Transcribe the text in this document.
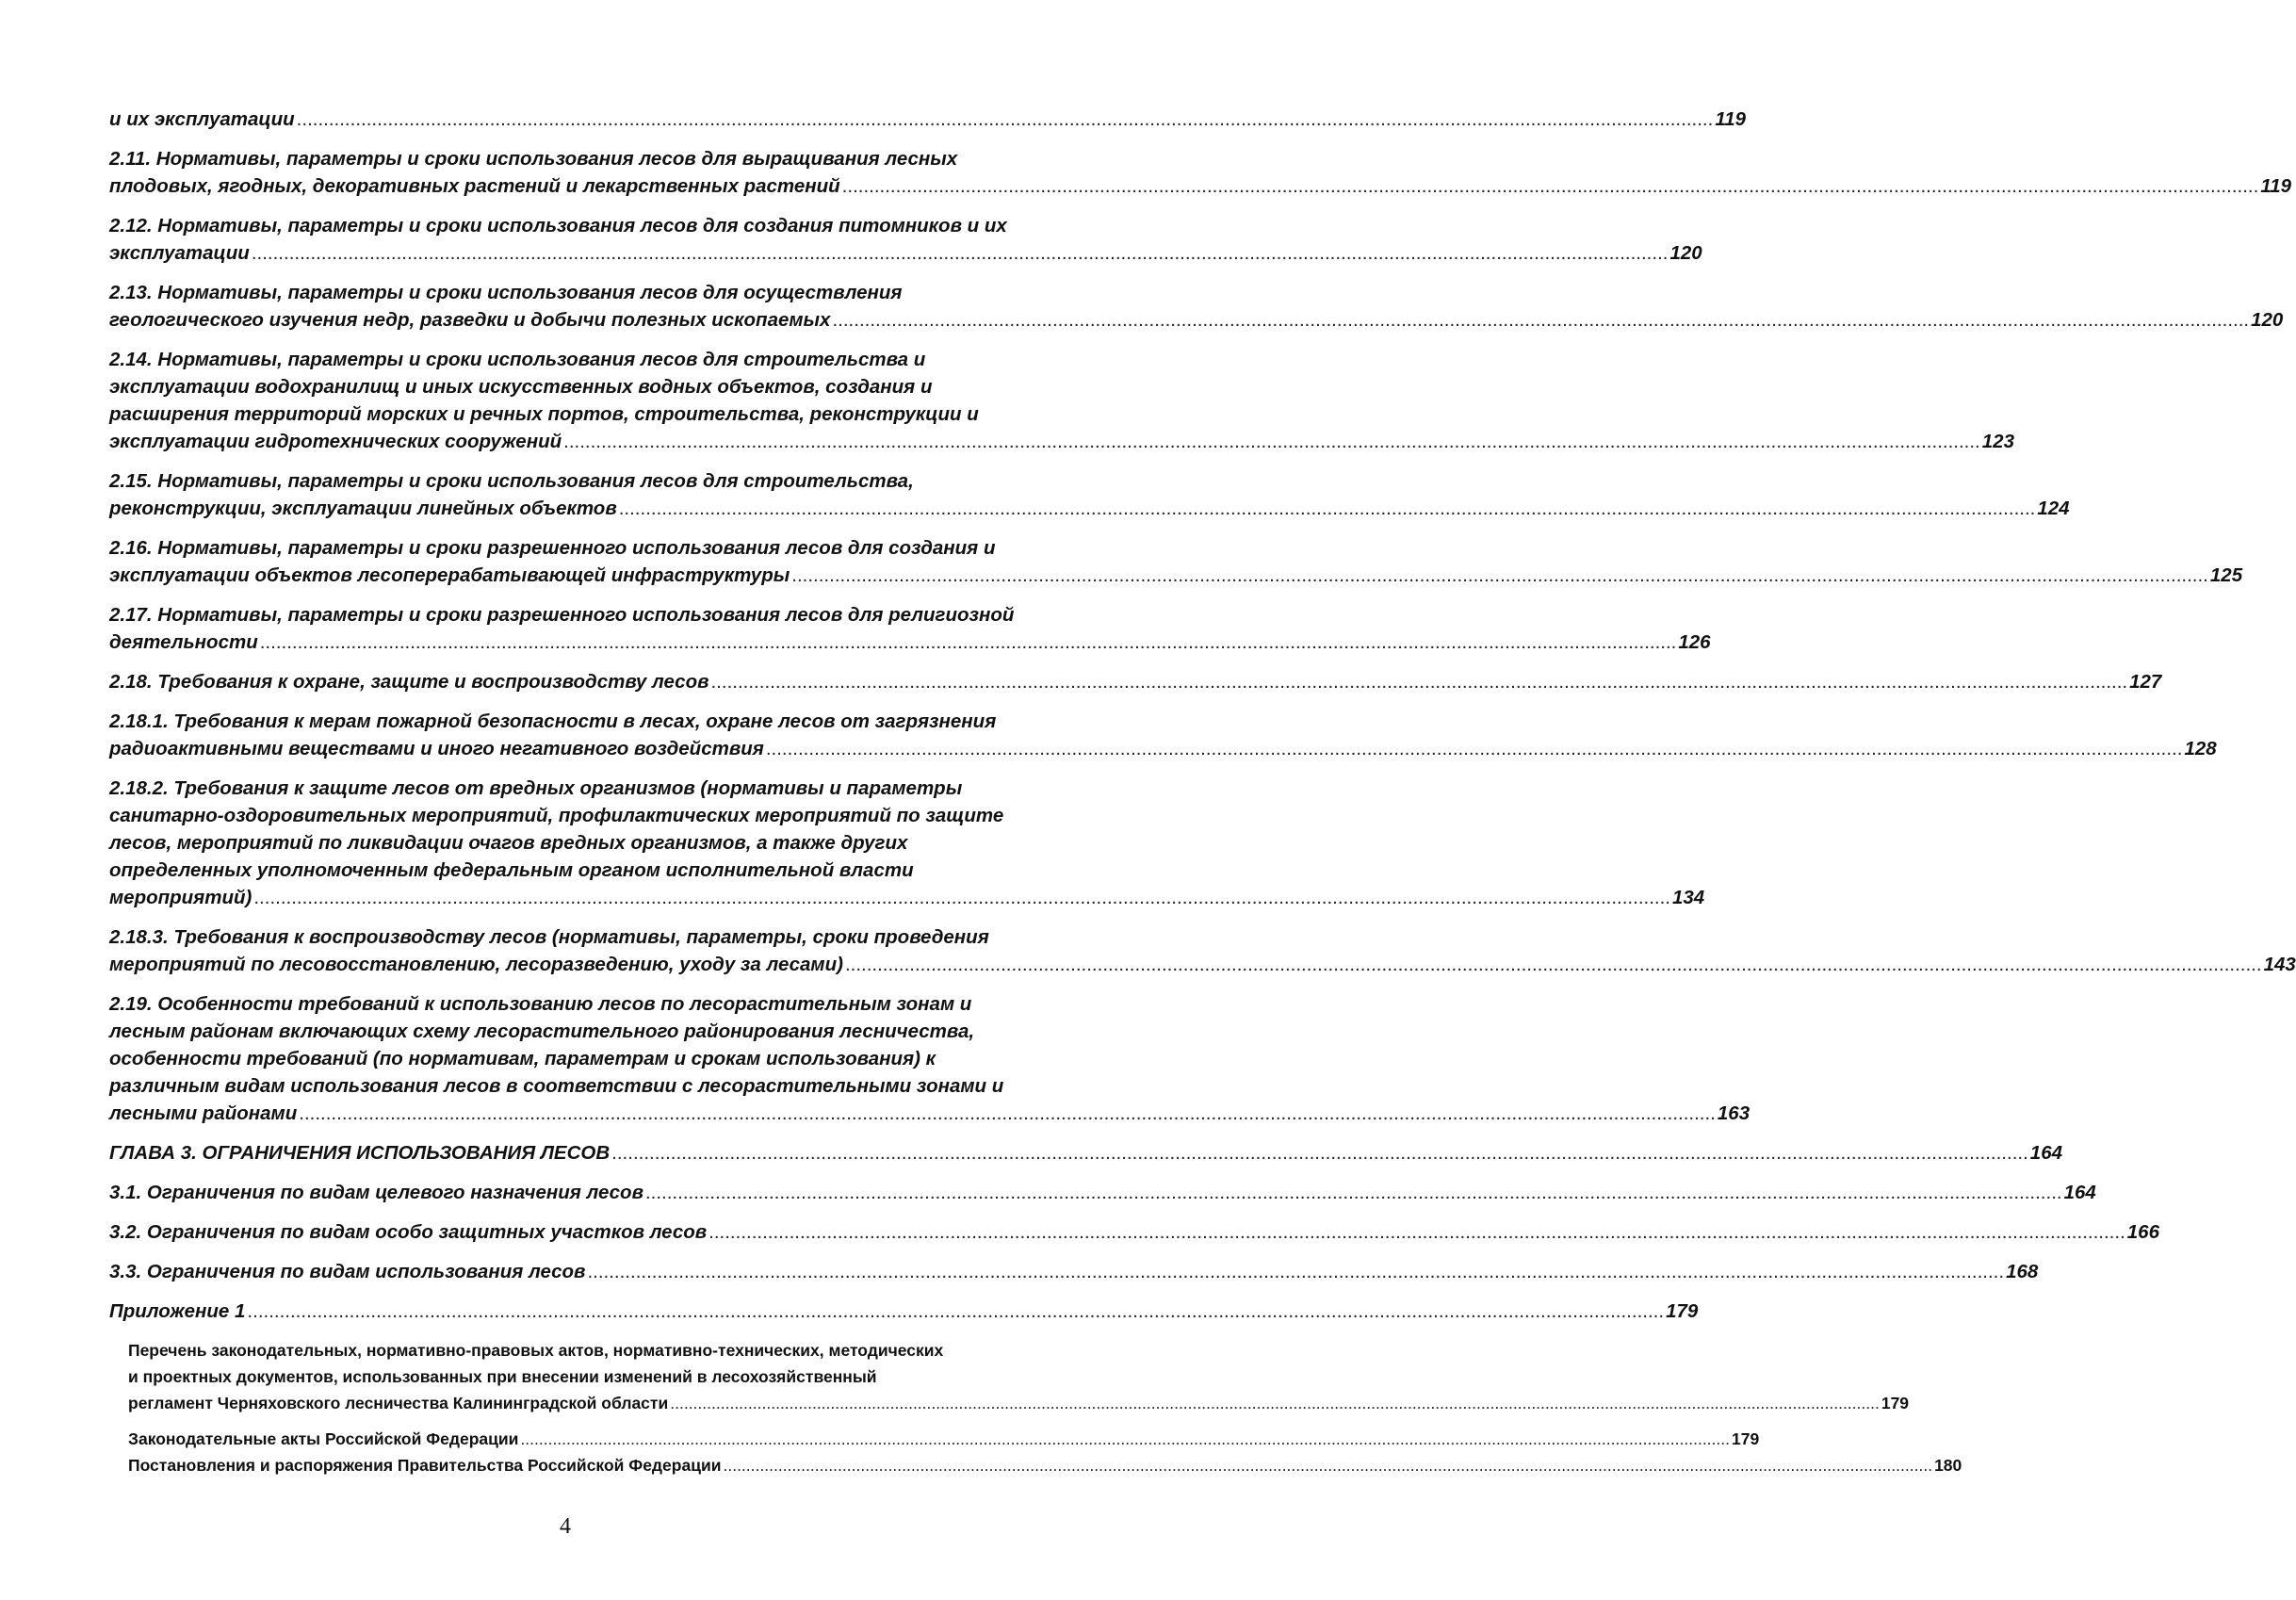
и их эксплуатации .....	119
2.11. Нормативы, параметры и сроки использования лесов для выращивания лесных
плодовых, ягодных, декоративных растений и лекарственных растений .....	119
2.12. Нормативы, параметры и сроки использования лесов для создания питомников и их
эксплуатации .....	120
2.13. Нормативы, параметры и сроки использования лесов для осуществления
геологического изучения недр, разведки и добычи полезных ископаемых .....	120
2.14. Нормативы, параметры и сроки использования лесов для строительства и
эксплуатации водохранилищ и иных искусственных водных объектов, создания и
расширения территорий морских и речных портов, строительства, реконструкции и
эксплуатации гидротехнических сооружений .....	123
2.15. Нормативы, параметры и сроки использования лесов для строительства,
реконструкции, эксплуатации линейных объектов .....	124
2.16. Нормативы, параметры и сроки разрешенного использования лесов для создания и
эксплуатации объектов лесоперерабатывающей инфраструктуры .....	125
2.17. Нормативы, параметры и сроки разрешенного использования лесов для религиозной
деятельности .....	126
2.18. Требования к охране, защите и воспроизводству лесов .....	127
2.18.1. Требования к мерам пожарной безопасности в лесах, охране лесов от загрязнения
радиоактивными веществами и иного негативного воздействия .....	128
2.18.2. Требования к защите лесов от вредных организмов (нормативы и параметры
санитарно-оздоровительных мероприятий, профилактических мероприятий по защите
лесов, мероприятий по ликвидации очагов вредных организмов, а также других
определенных уполномоченным федеральным органом исполнительной власти
мероприятий) .....	134
2.18.3. Требования к воспроизводству лесов (нормативы, параметры, сроки проведения
мероприятий по лесовосстановлению, лесоразведению, уходу за лесами) .....	143
2.19. Особенности требований к использованию лесов по лесорастительным зонам и
лесным районам включающих схему лесорастительного районирования лесничества,
особенности требований (по нормативам, параметрам и срокам использования) к
различным видам использования лесов в соответствии с лесорастительными зонами и
лесными районами .....	163
ГЛАВА 3. ОГРАНИЧЕНИЯ ИСПОЛЬЗОВАНИЯ ЛЕСОВ .....	164
3.1. Ограничения по видам целевого назначения лесов .....	164
3.2. Ограничения по видам особо защитных участков лесов .....	166
3.3. Ограничения по видам использования лесов .....	168
Приложение 1 .....	179
Перечень законодательных, нормативно-правовых актов, нормативно-технических, методических
и проектных документов, использованных при внесении изменений в лесохозяйственный
регламент Черняховского лесничества Калининградской области .....	179
Законодательные акты Российской Федерации .....	179
Постановления и распоряжения Правительства Российской Федерации .....	180
4
